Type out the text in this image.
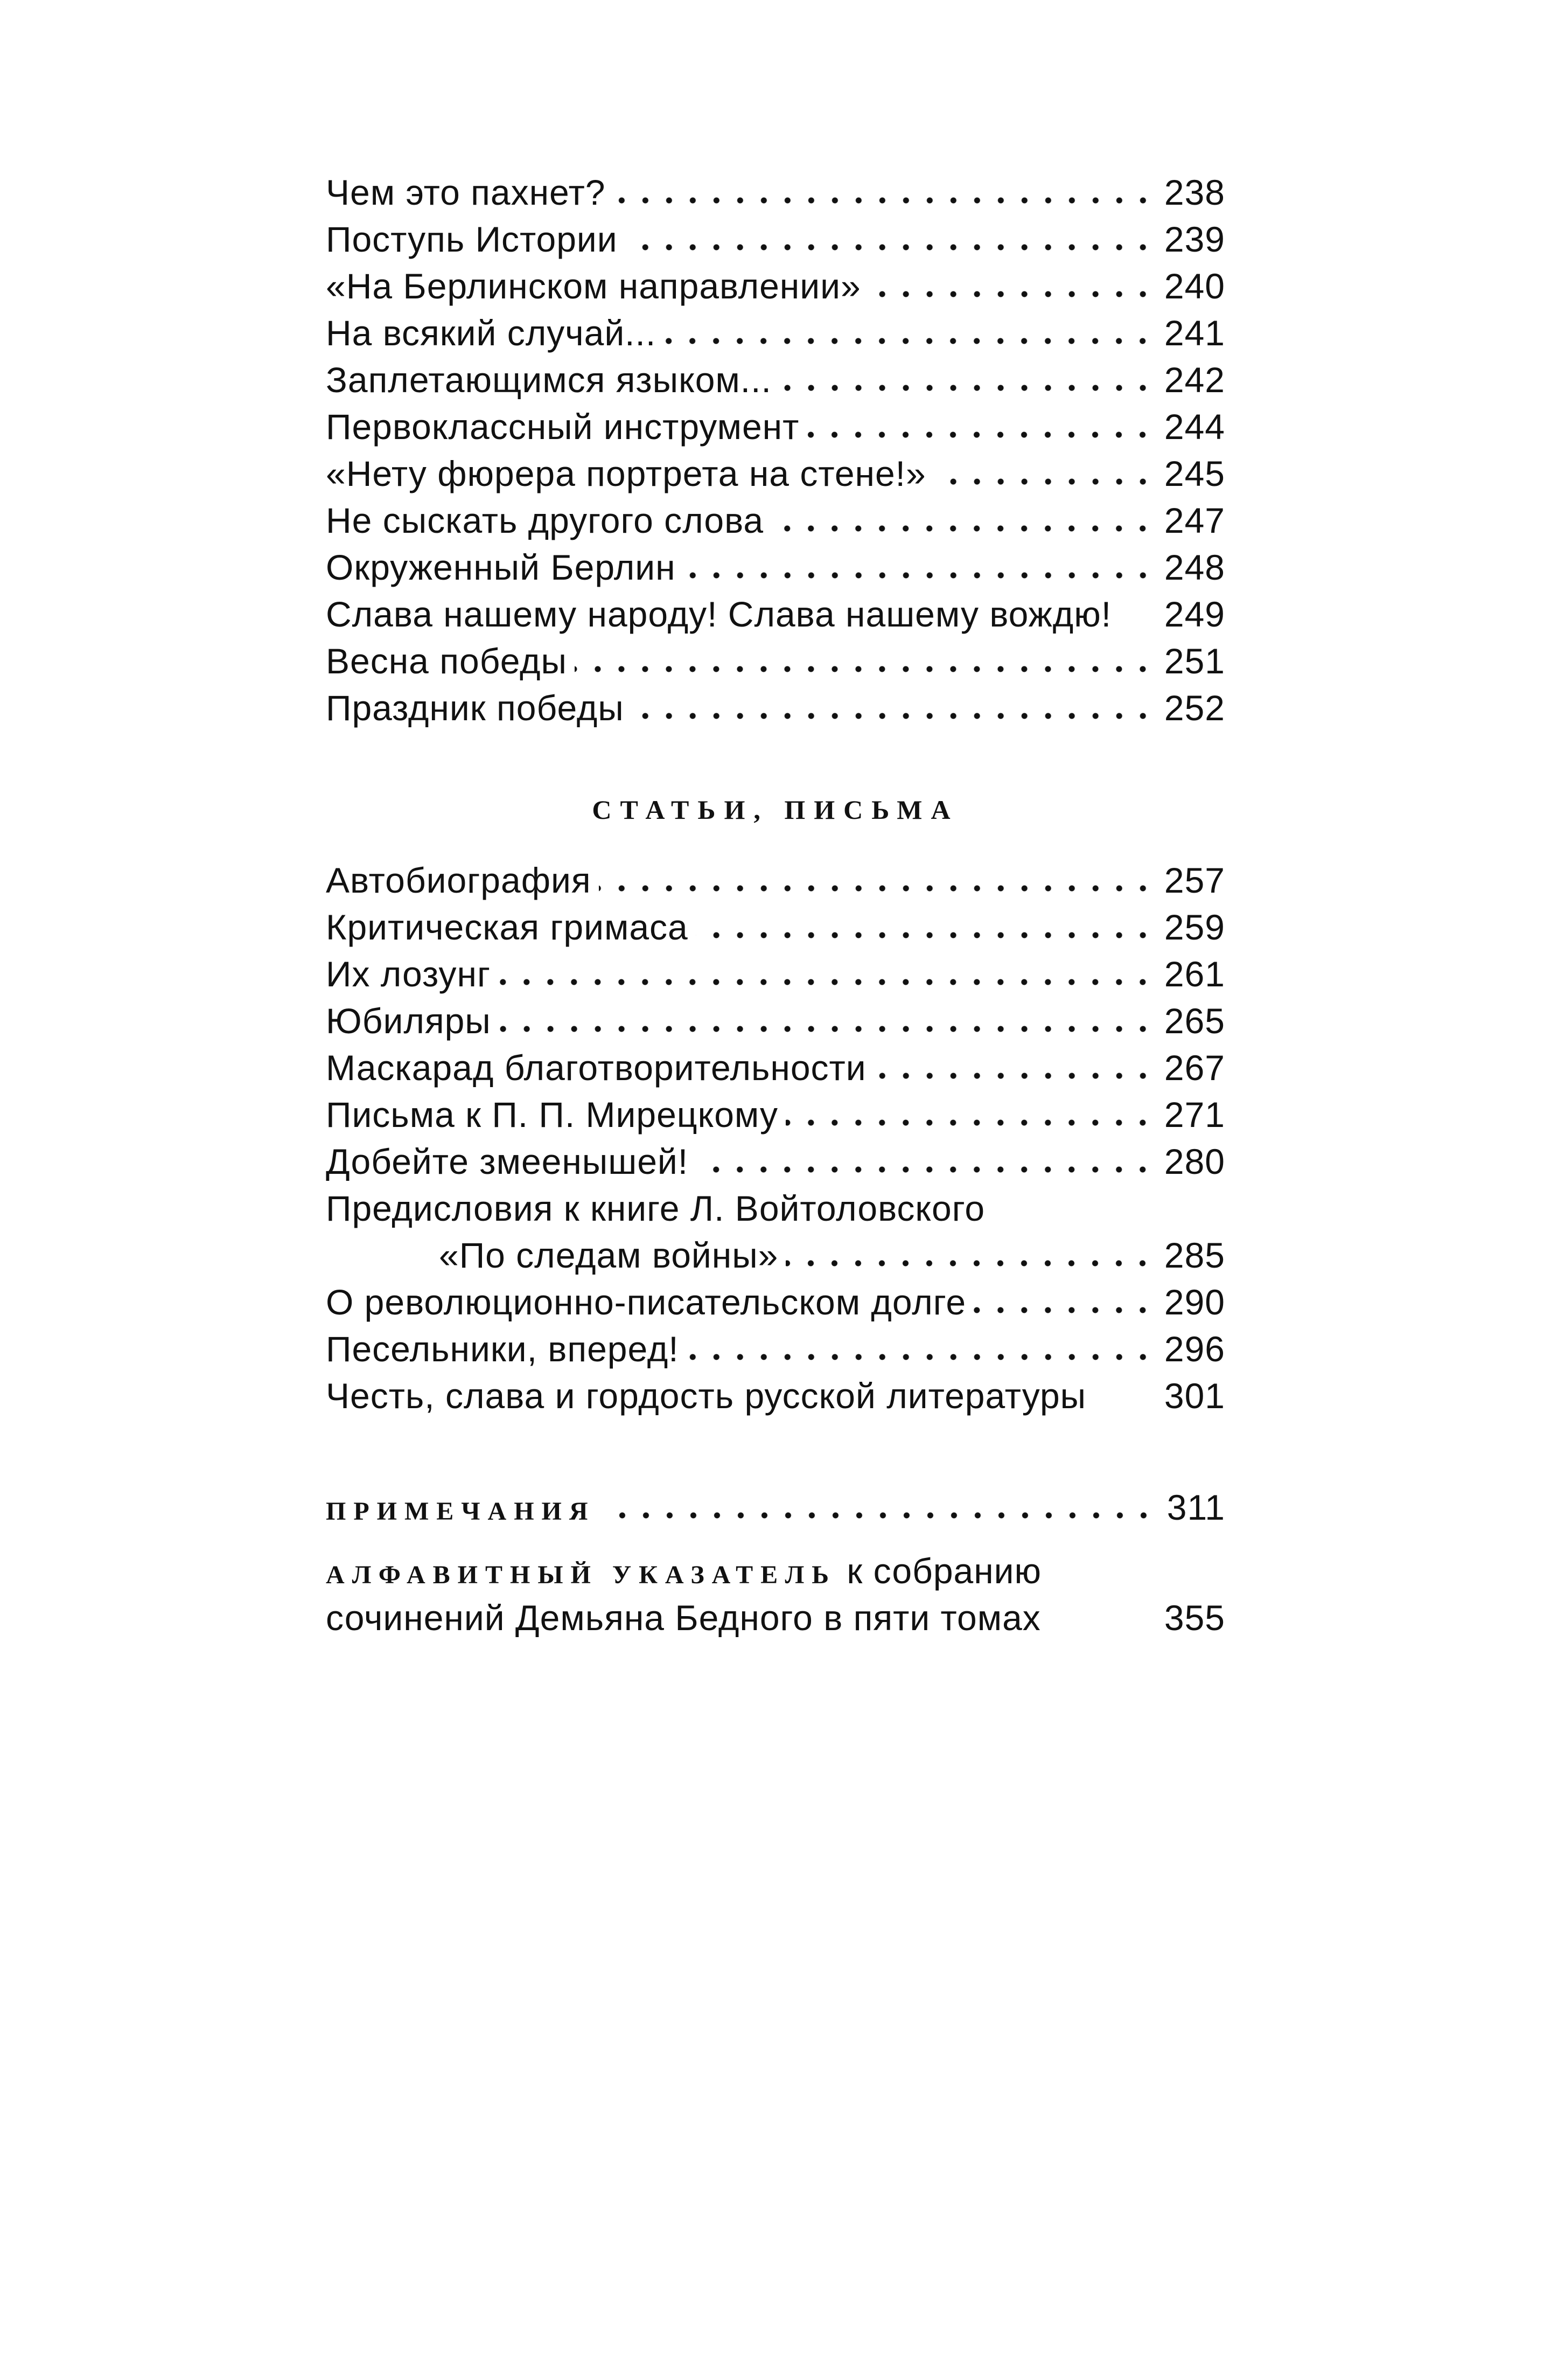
Чем это пахнет?	238
Поступь Истории	239
«На Берлинском направлении»	240
На всякий случай...	241
Заплетающимся языком...	242
Первоклассный инструмент	244
«Нету фюрера портрета на стене!»	245
Не сыскать другого слова	247
Окруженный Берлин	248
Слава нашему народу! Слава нашему вождю! 249
Весна победы	251
Праздник победы	252
СТАТЬИ, ПИСЬМА
Автобиография	257
Критическая гримаса	259
Их лозунг	261
Юбиляры	265
Маскарад благотворительности	267
Письма к П. П. Мирецкому	271
Добейте змеенышей!	280
Предисловия к книге Л. Войтоловского
«По следам войны»	285
О революционно-писательском долге	290
Песельники, вперед!	296
Честь, слава и гордость русской литературы 301
ПРИМЕЧАНИЯ	311
АЛФАВИТНЫЙ УКАЗАТЕЛЬ к собранию
сочинений Демьяна Бедного в пяти томах	355
